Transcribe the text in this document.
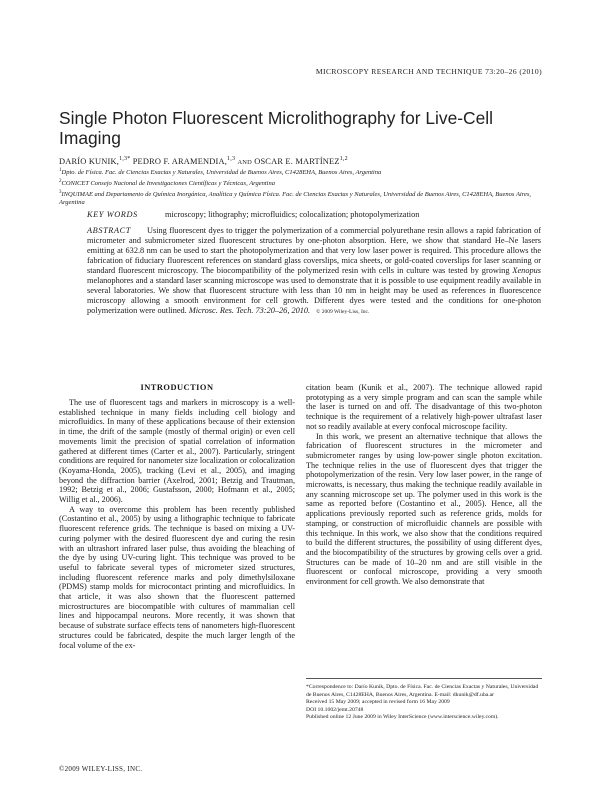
MICROSCOPY RESEARCH AND TECHNIQUE 73:20–26 (2010)
Single Photon Fluorescent Microlithography for Live-Cell Imaging
DARÍO KUNIK,$^{1,3*}$ PEDRO F. ARAMENDIA,$^{1,3}$ AND OSCAR E. MARTÍNEZ$^{1,2}$
$^1$Dpto. de Física. Fac. de Ciencias Exactas y Naturales, Universidad de Buenos Aires, C1428EHA, Buenos Aires, Argentina
$^2$CONICET Consejo Nacional de Investigaciones Científicas y Técnicas, Argentina
$^3$INQUIMAE and Departamento de Química Inorgánica, Analítica y Química Física. Fac. de Ciencias Exactas y Naturales, Universidad de Buenos Aires, C1428EHA, Buenos Aires, Argentina
KEY WORDS	microscopy; lithography; microfluidics; colocalization; photopolymerization
ABSTRACT Using fluorescent dyes to trigger the polymerization of a commercial polyurethane resin allows a rapid fabrication of micrometer and submicrometer sized fluorescent structures by one-photon absorption. Here, we show that standard He–Ne lasers emitting at 632.8 nm can be used to start the photopolymerization and that very low laser power is required. This procedure allows the fabrication of fiduciary fluorescent references on standard glass coverslips, mica sheets, or gold-coated coverslips for laser scanning or standard fluorescent microscopy. The biocompatibility of the polymerized resin with cells in culture was tested by growing Xenopus melanophores and a standard laser scanning microscope was used to demonstrate that it is possible to use equipment readily available in several laboratories. We show that fluorescent structure with less than 10 nm in height may be used as references in fluorescence microscopy allowing a smooth environment for cell growth. Different dyes were tested and the conditions for one-photon polymerization were outlined. Microsc. Res. Tech. 73:20–26, 2010. © 2009 Wiley-Liss, Inc.
INTRODUCTION

The use of fluorescent tags and markers in microscopy is a well-established technique in many fields including cell biology and microfluidics. In many of these applications because of their extension in time, the drift of the sample (mostly of thermal origin) or even cell movements limit the precision of spatial correlation of information gathered at different times (Carter et al., 2007). Particularly, stringent conditions are required for nanometer size localization or colocalization (Koyama-Honda, 2005), tracking (Levi et al., 2005), and imaging beyond the diffraction barrier (Axelrod, 2001; Betzig and Trautman, 1992; Betzig et al., 2006; Gustafsson, 2000; Hofmann et al., 2005; Willig et al., 2006).

A way to overcome this problem has been recently published (Costantino et al., 2005) by using a lithographic technique to fabricate fluorescent reference grids. The technique is based on mixing a UV-curing polymer with the desired fluorescent dye and curing the resin with an ultrashort infrared laser pulse, thus avoiding the bleaching of the dye by using UV-curing light. This technique was proved to be useful to fabricate several types of micrometer sized structures, including fluorescent reference marks and poly dimethylsiloxane (PDMS) stamp molds for microcontact printing and microfluidics. In that article, it was also shown that the fluorescent patterned microstructures are biocompatible with cultures of mammalian cell lines and hippocampal neurons. More recently, it was shown that because of substrate surface effects tens of nanometers high-fluorescent structures could be fabricated, despite the much larger length of the focal volume of the ex-

citation beam (Kunik et al., 2007). The technique allowed rapid prototyping as a very simple program and can scan the sample while the laser is turned on and off. The disadvantage of this two-photon technique is the requirement of a relatively high-power ultrafast laser not so readily available at every confocal microscope facility.

In this work, we present an alternative technique that allows the fabrication of fluorescent structures in the micrometer and submicrometer ranges by using low-power single photon excitation. The technique relies in the use of fluorescent dyes that trigger the photopolymerization of the resin. Very low laser power, in the range of microwatts, is necessary, thus making the technique readily available in any scanning microscope set up. The polymer used in this work is the same as reported before (Costantino et al., 2005). Hence, all the applications previously reported such as reference grids, molds for stamping, or construction of microfluidic channels are possible with this technique. In this work, we also show that the conditions required to build the different structures, the possibility of using different dyes, and the biocompatibility of the structures by growing cells over a grid. Structures can be made of 10–20 nm and are still visible in the fluorescent or confocal microscope, providing a very smooth environment for cell growth. We also demonstrate that

*Correspondence to: Darío Kunik, Dpto. de Física. Fac. de Ciencias Exactas y Naturales, Universidad de Buenos Aires, C1428EHA, Buenos Aires, Argentina. E-mail: dkunik@df.uba.ar
Received 15 May 2009; accepted in revised form 16 May 2009
DOI 10.1002/jemt.20748
Published online 12 June 2009 in Wiley InterScience (www.interscience.wiley.com).
©2009 WILEY-LISS, INC.
